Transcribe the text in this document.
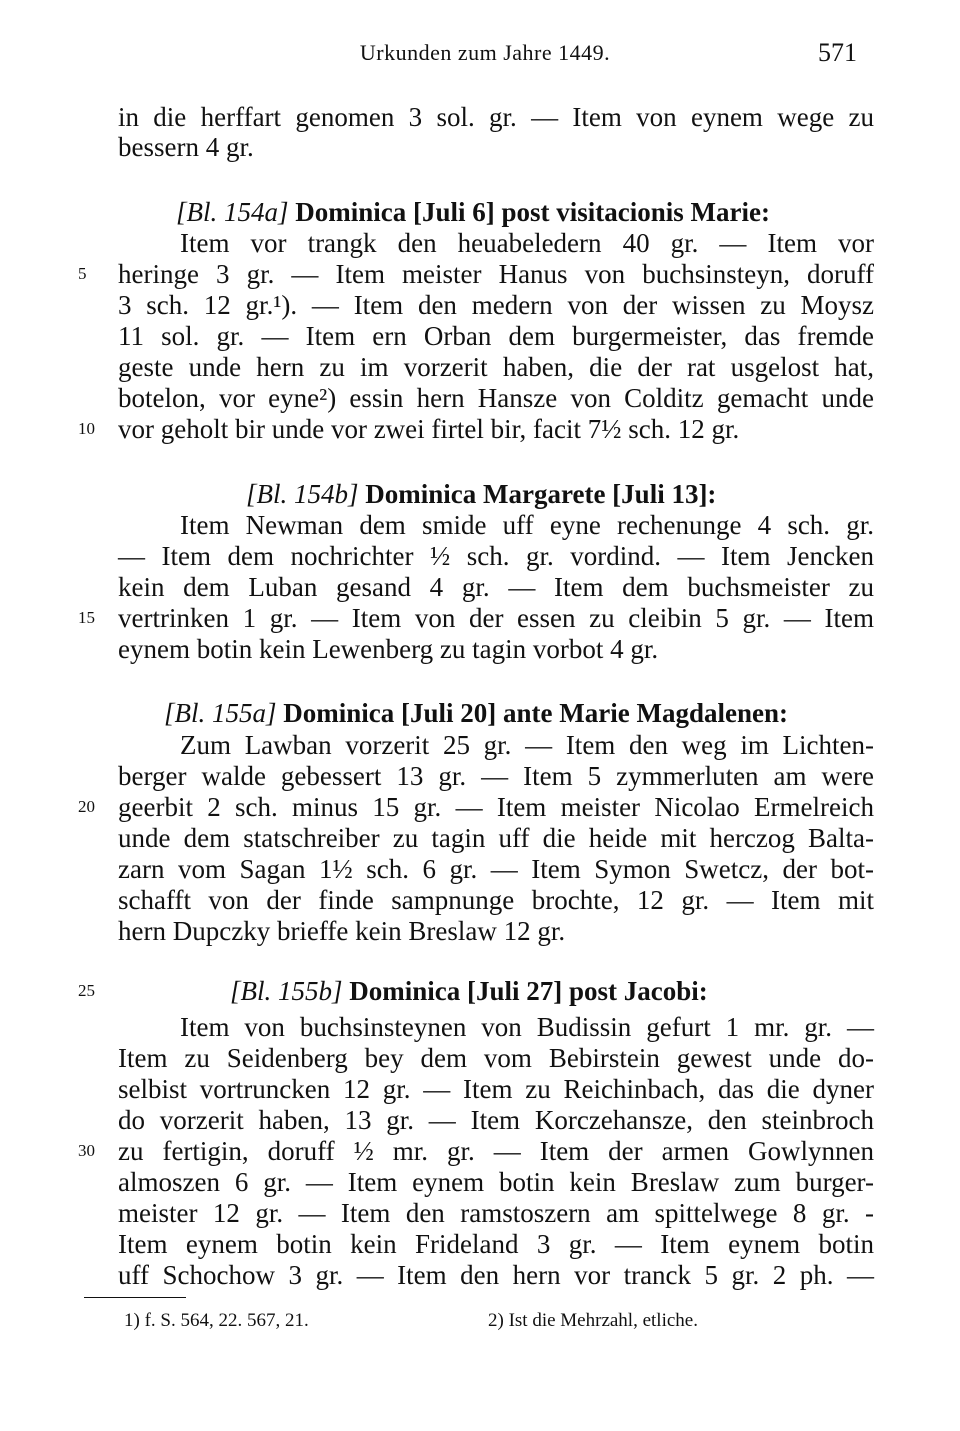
Urkunden zum Jahre 1449.	571
in die herffart genomen 3 sol. gr. — Item von eynem wege zu
bessern 4 gr.
[Bl. 154a] Dominica [Juli 6] post visitacionis Marie:
Item vor trangk den heuabeledern 40 gr. — Item vor
5 heringe 3 gr. — Item meister Hanus von buchsinsteyn, doruff
3 sch. 12 gr.¹). — Item den medern von der wissen zu Moysz
11 sol. gr. — Item ern Orban dem burgermeister, das fremde
geste unde hern zu im vorzerit haben, die der rat usgelost hat,
botelon, vor eyne²) essin hern Hansze von Colditz gemacht unde
10 vor geholt bir unde vor zwei firtel bir, facit 7½ sch. 12 gr.
[Bl. 154b] Dominica Margarete [Juli 13]:
Item Newman dem smide uff eyne rechenunge 4 sch. gr.
— Item dem nochrichter ½ sch. gr. vordind. — Item Jencken
kein dem Luban gesand 4 gr. — Item dem buchsmeister zu
15 vertrinken 1 gr. — Item von der essen zu cleibin 5 gr. — Item
eynem botin kein Lewenberg zu tagin vorbot 4 gr.
[Bl. 155a] Dominica [Juli 20] ante Marie Magdalenen:
Zum Lawban vorzerit 25 gr. — Item den weg im Lichten-
berger walde gebessert 13 gr. — Item 5 zymmerluten am were
20 geerbit 2 sch. minus 15 gr. — Item meister Nicolao Ermelreich
unde dem statschreiber zu tagin uff die heide mit herczog Balta-
zarn vom Sagan 1½ sch. 6 gr. — Item Symon Swetcz, der bot-
schafft von der finde sampnunge brochte, 12 gr. — Item mit
hern Dupczky brieffe kein Breslaw 12 gr.
25	[Bl. 155b] Dominica [Juli 27] post Jacobi:
Item von buchsinsteynen von Budissin gefurt 1 mr. gr. —
Item zu Seidenberg bey dem vom Bebirstein gewest unde do-
selbist vortruncken 12 gr. — Item zu Reichinbach, das die dyner
do vorzerit haben, 13 gr. — Item Korczehansze, den steinbroch
30 zu fertigin, doruff ½ mr. gr. — Item der armen Gowlynnen
almoszen 6 gr. — Item eynem botin kein Breslaw zum burger-
meister 12 gr. — Item den ramstoszern am spittelwege 8 gr. -
Item eynem botin kein Frideland 3 gr. — Item eynem botin
uff Schochow 3 gr. — Item den hern vor tranck 5 gr. 2 ph. —
1) f. S. 564, 22. 567, 21.	2) Ist die Mehrzahl, etliche.
